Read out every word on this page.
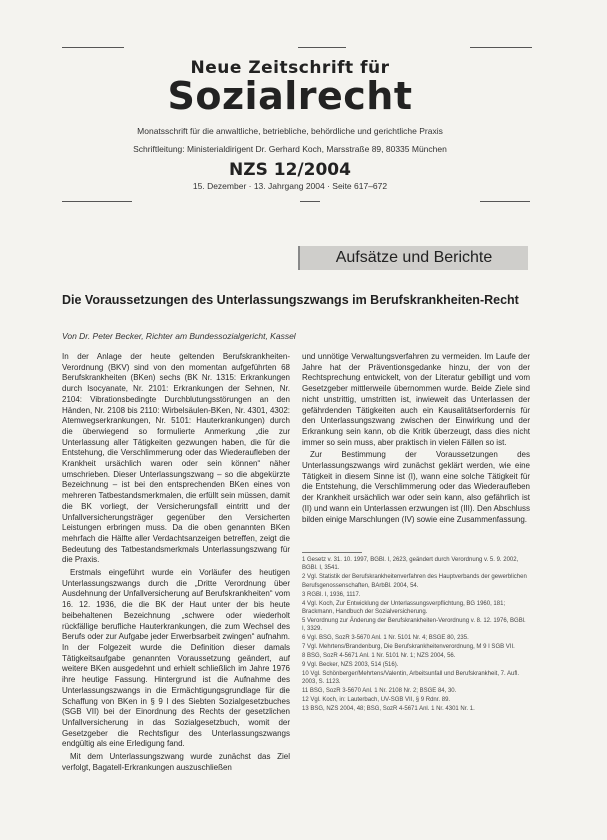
Neue Zeitschrift für
Sozialrecht
Monatsschrift für die anwaltliche, betriebliche, behördliche und gerichtliche Praxis
Schriftleitung: Ministerialdirigent Dr. Gerhard Koch, Marsstraße 89, 80335 München
NZS 12/2004
15. Dezember · 13. Jahrgang 2004 · Seite 617–672
Aufsätze und Berichte
Die Voraussetzungen des Unterlassungszwangs im Berufskrankheiten-Recht
Von Dr. Peter Becker, Richter am Bundessozialgericht, Kassel

In der Anlage der heute geltenden Berufskrankheiten-Verordnung (BKV) sind von den momentan aufgeführten 68 Berufskrankheiten (BKen) sechs (BK Nr. 1315: Erkrankungen durch Isocyanate, Nr. 2101: Erkrankungen der Sehnen, Nr. 2104: Vibrationsbedingte Durchblutungsstörungen an den Händen, Nr. 2108 bis 2110: Wirbelsäulen-BKen, Nr. 4301, 4302: Atemwegserkrankungen, Nr. 5101: Hauterkrankungen) durch die überwiegend so formulierte Anmerkung „die zur Unterlassung aller Tätigkeiten gezwungen haben, die für die Entstehung, die Verschlimmerung oder das Wiederaufleben der Krankheit ursächlich waren oder sein können“ näher umschrieben. Dieser Unterlassungszwang – so die abgekürzte Bezeichnung – ist bei den entsprechenden BKen eines von mehreren Tatbestandsmerkmalen, die erfüllt sein müssen, damit die BK vorliegt, der Versicherungsfall eintritt und der Unfallversicherungsträger gegenüber den Versicherten Leistungen erbringen muss. Da die oben genannten BKen mehrfach die Hälfte aller Verdachtsanzeigen betreffen, zeigt die Bedeutung des Tatbestandsmerkmals Unterlassungszwang für die Praxis.

Erstmals eingeführt wurde ein Vorläufer des heutigen Unterlassungszwangs durch die „Dritte Verordnung über Ausdehnung der Unfallversicherung auf Berufskrankheiten“ vom 16. 12. 1936, die die BK der Haut unter der bis heute beibehaltenen Bezeichnung „schwere oder wiederholt rückfällige berufliche Hauterkrankungen, die zum Wechsel des Berufs oder zur Aufgabe jeder Erwerbsarbeit zwingen“ aufnahm. In der Folgezeit wurde die Definition dieser damals Tätigkeitsaufgabe genannten Voraussetzung geändert, auf weitere BKen ausgedehnt und erhielt schließlich im Jahre 1976 ihre heutige Fassung. Hintergrund ist die Aufnahme des Unterlassungszwangs in die Ermächtigungsgrundlage für die Schaffung von BKen in § 9 I des Siebten Sozialgesetzbuches (SGB VII) bei der Einordnung des Rechts der gesetzlichen Unfallversicherung in das Sozialgesetzbuch, womit der Gesetzgeber die Rechtsfigur des Unterlassungszwangs endgültig als eine Erledigung fand.

Mit dem Unterlassungszwang wurde zunächst das Ziel verfolgt, Bagatell-Erkrankungen auszuschließen

und unnötige Verwaltungsverfahren zu vermeiden. Im Laufe der Jahre hat der Präventionsgedanke hinzu, der von der Rechtsprechung entwickelt, von der Literatur gebilligt und vom Gesetzgeber mittlerweile übernommen wurde. Beide Ziele sind nicht unstrittig, umstritten ist, inwieweit das Unterlassen der gefährdenden Tätigkeiten auch ein Kausalitätserfordernis für den Unterlassungszwang zwischen der Einwirkung und der Erkrankung sein kann, ob die Kritik überzeugt, dass dies nicht immer so sein muss, aber praktisch in vielen Fällen so ist.

Zur Bestimmung der Voraussetzungen des Unterlassungszwangs wird zunächst geklärt werden, wie eine Tätigkeit in diesem Sinne ist (I), wann eine solche Tätigkeit für die Entstehung, die Verschlimmerung oder das Wiederaufleben der Krankheit ursächlich war oder sein kann, also gefährlich ist (II) und wann ein Unterlassen erzwungen ist (III). Den Abschluss bilden einige Marschlungen (IV) sowie eine Zusammenfassung.

1 Gesetz v. 31. 10. 1997, BGBl. I, 2623, geändert durch Verordnung v. 5. 9. 2002, BGBl. I, 3541.
2 Vgl. Statistik der Berufskrankheitenverfahren des Hauptverbands der gewerblichen Berufsgenossenschaften, BArbBl. 2004, 54.
3 RGBl. I, 1936, 1117.
4 Vgl. Koch, Zur Entwicklung der Unterlassungsverpflichtung, BG 1960, 181; Brackmann, Handbuch der Sozialversicherung.
5 Verordnung zur Änderung der Berufskrankheiten-Verordnung v. 8. 12. 1976, BGBl. I, 3329.
6 Vgl. BSG, SozR 3-5670 Anl. 1 Nr. 5101 Nr. 4; BSGE 80, 235.
7 Vgl. Mehrtens/Brandenburg, Die Berufskrankheitenverordnung, M 9 I SGB VII.
8 BSG, SozR 4-5671 Anl. 1 Nr. 5101 Nr. 1; NZS 2004, 56.
9 Vgl. Becker, NZS 2003, 514 (516).
10 Vgl. Schönberger/Mehrtens/Valentin, Arbeitsunfall und Berufskrankheit, 7. Aufl. 2003, S. 1123.
11 BSG, SozR 3-5670 Anl. 1 Nr. 2108 Nr. 2; BSGE 84, 30.
12 Vgl. Koch, in: Lauterbach, UV-SGB VII, § 9 Rdnr. 89.
13 BSG, NZS 2004, 48; BSG, SozR 4-5671 Anl. 1 Nr. 4301 Nr. 1.
